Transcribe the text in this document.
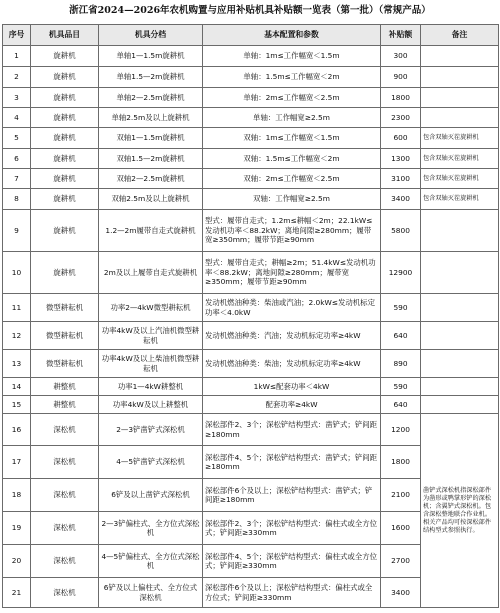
浙江省2024—2026年农机购置与应用补贴机具补贴额一览表（第一批）（常规产品）
序号	机具品目	机具分档	基本配置和参数	补贴额	备注
1	旋耕机	单轴1—1.5m旋耕机	单轴：1m≤工作幅宽＜1.5m	300	
2	旋耕机	单轴1.5—2m旋耕机	单轴：1.5m≤工作幅宽＜2m	900	
3	旋耕机	单轴2—2.5m旋耕机	单轴：2m≤工作幅宽＜2.5m	1800	
4	旋耕机	单轴2.5m及以上旋耕机	单轴：工作幅宽≥2.5m	2300	
5	旋耕机	双轴1—1.5m旋耕机	双轴：1m≤工作幅宽＜1.5m	600	包含双轴灭茬旋耕机
6	旋耕机	双轴1.5—2m旋耕机	双轴：1.5m≤工作幅宽＜2m	1300	包含双轴灭茬旋耕机
7	旋耕机	双轴2—2.5m旋耕机	双轴：2m≤工作幅宽＜2.5m	3100	包含双轴灭茬旋耕机
8	旋耕机	双轴2.5m及以上旋耕机	双轴：工作幅宽≥2.5m	3400	包含双轴灭茬旋耕机
9	旋耕机	1.2—2m履带自走式旋耕机	型式：履带自走式；1.2m≤耕幅＜2m；22.1kW≤发动机功率＜88.2kW；离地间隙≥280mm；履带宽≥350mm；履带节距≥90mm	5800	
10	旋耕机	2m及以上履带自走式旋耕机	型式：履带自走式；耕幅≥2m；51.4kW≤发动机功率＜88.2kW；离地间隙≥280mm；履带宽≥350mm；履带节距≥90mm	12900	
11	微型耕耘机	功率2—4kW微型耕耘机	发动机燃油种类：柴油或汽油；2.0kW≤发动机标定功率＜4.0kW	590	
12	微型耕耘机	功率4kW及以上汽油机微型耕耘机	发动机燃油种类：汽油；发动机标定功率≥4kW	640	
13	微型耕耘机	功率4kW及以上柴油机微型耕耘机	发动机燃油种类：柴油；发动机标定功率≥4kW	890	
14	耕整机	功率1—4kW耕整机	1kW≤配套功率＜4kW	590	
15	耕整机	功率4kW及以上耕整机	配套功率≥4kW	640	
16	深松机	2—3铲凿铲式深松机	深松部件2、3个；深松铲结构型式：凿铲式；铲间距≥180mm	1200	凿铲式深松机指深松部件为凿形或鸭掌形铲的深松机；含翼铲式深松机。包含深松整地联合作业机。相关产品均可按深松部件结构型式参照执行。
17	深松机	4—5铲凿铲式深松机	深松部件4、5个；深松铲结构型式：凿铲式；铲间距≥180mm	1800	
18	深松机	6铲及以上凿铲式深松机	深松部件6个及以上；深松铲结构型式：凿铲式；铲间距≥180mm	2100	
19	深松机	2—3铲偏柱式、全方位式深松机	深松部件2、3个；深松铲结构型式：偏柱式或全方位式；铲间距≥330mm	1600	
20	深松机	4—5铲偏柱式、全方位式深松机	深松部件4、5个；深松铲结构型式：偏柱式或全方位式；铲间距≥330mm	2700	
21	深松机	6铲及以上偏柱式、全方位式深松机	深松部件6个及以上；深松铲结构型式：偏柱式或全方位式；铲间距≥330mm	3400	
